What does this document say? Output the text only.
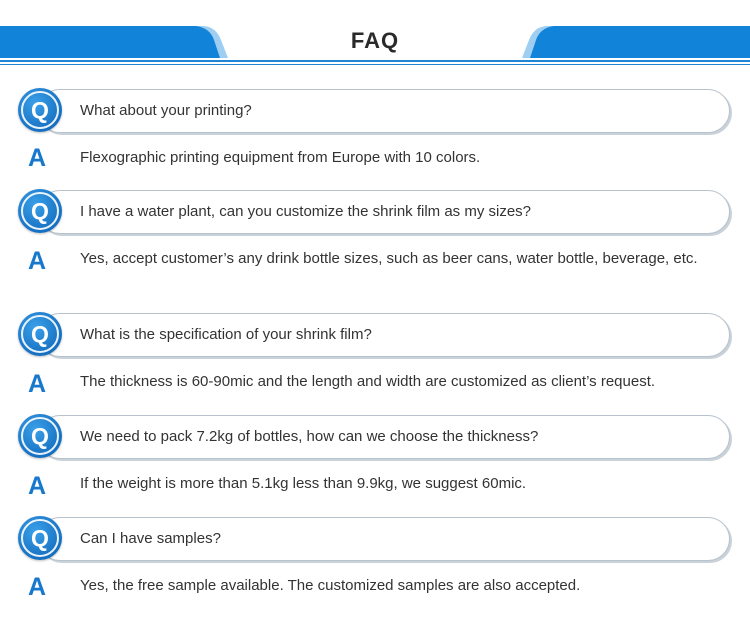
FAQ
Q	What about your printing?
A Flexographic printing equipment from Europe with 10 colors.
Q	I have a water plant, can you customize the shrink film as my sizes?
A Yes, accept customer’s any drink bottle sizes, such as beer cans, water bottle, beverage, etc.
Q	What is the specification of your shrink film?
A The thickness is 60-90mic and the length and width are customized as client’s request.
Q	We need to pack 7.2kg of bottles, how can we choose the thickness?
A If the weight is more than 5.1kg less than 9.9kg, we suggest 60mic.
Q	Can I have samples?
A Yes, the free sample available. The customized samples are also accepted.
